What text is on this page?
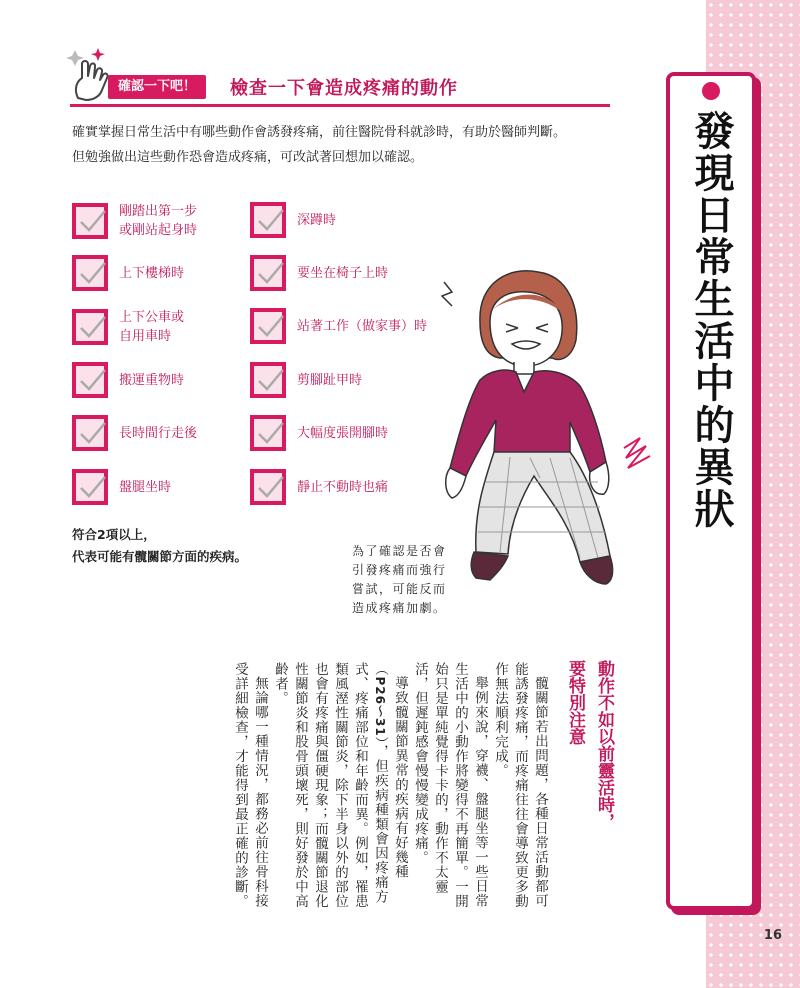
發現日常生活中的異狀
16
確認一下吧！	檢查一下會造成疼痛的動作

確實掌握日常生活中有哪些動作會誘發疼痛，前往醫院骨科就診時，有助於醫師判斷。

但勉強做出這些動作恐會造成疼痛，可改試著回想加以確認。

剛踏出第一步
或剛站起身時
上下樓梯時
上下公車或
自用車時
搬運重物時
長時間行走後
盤腿坐時
深蹲時
要坐在椅子上時
站著工作（做家事）時
剪腳趾甲時
大幅度張開腳時
靜止不動時也痛

符合2項以上，

代表可能有髖關節方面的疾病。	為了確認是否會

引發疼痛而強行

嘗試，可能反而

造成疼痛加劇。

動作不如以前靈活時，
要特別注意

髖關節若出問題，各種日常活動都可能誘發疼痛，而疼痛往往會導致更多動作無法順利完成。

舉例來說，穿襪、盤腿坐等一些日常生活中的小動作將變得不再簡單。一開始只是單純覺得卡卡的，動作不太靈活，但遲鈍感會慢慢變成疼痛。

導致髖關節異常的疾病有好幾種（P26～31），但疾病種類會因疼痛方式、疼痛部位和年齡而異。例如，罹患類風溼性關節炎，除下半身以外的部位也會有疼痛與僵硬現象；而髖關節退化性關節炎和股骨頭壞死，則好發於中高齡者。

無論哪一種情況，都務必前往骨科接受詳細檢查，才能得到最正確的診斷。
